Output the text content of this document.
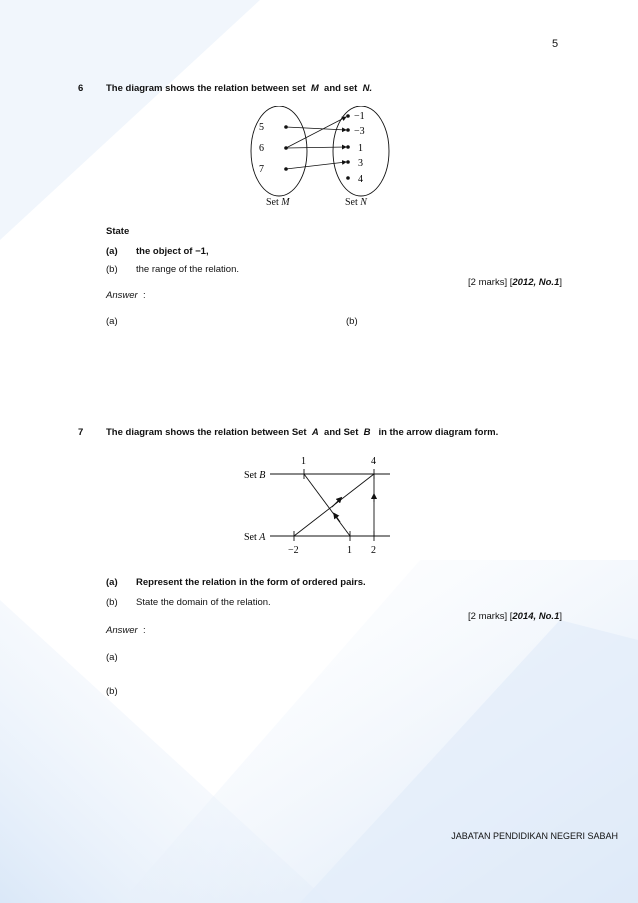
5
6 The diagram shows the relation between set M and set N.
5
6
7
−1
−3
1
3
4
Set M	Set N
State
(a) the object of −1,
(b) the range of the relation.
[2 marks] [2012, No.1]
Answer :
(a)	(b)
7 The diagram shows the relation between Set A and Set B in the arrow diagram form.
1	4
Set B
Set A
−2	1 2
(a) Represent the relation in the form of ordered pairs.
(b) State the domain of the relation.
[2 marks] [2014, No.1]
Answer :
(a)
(b)
JABATAN PENDIDIKAN NEGERI SABAH
